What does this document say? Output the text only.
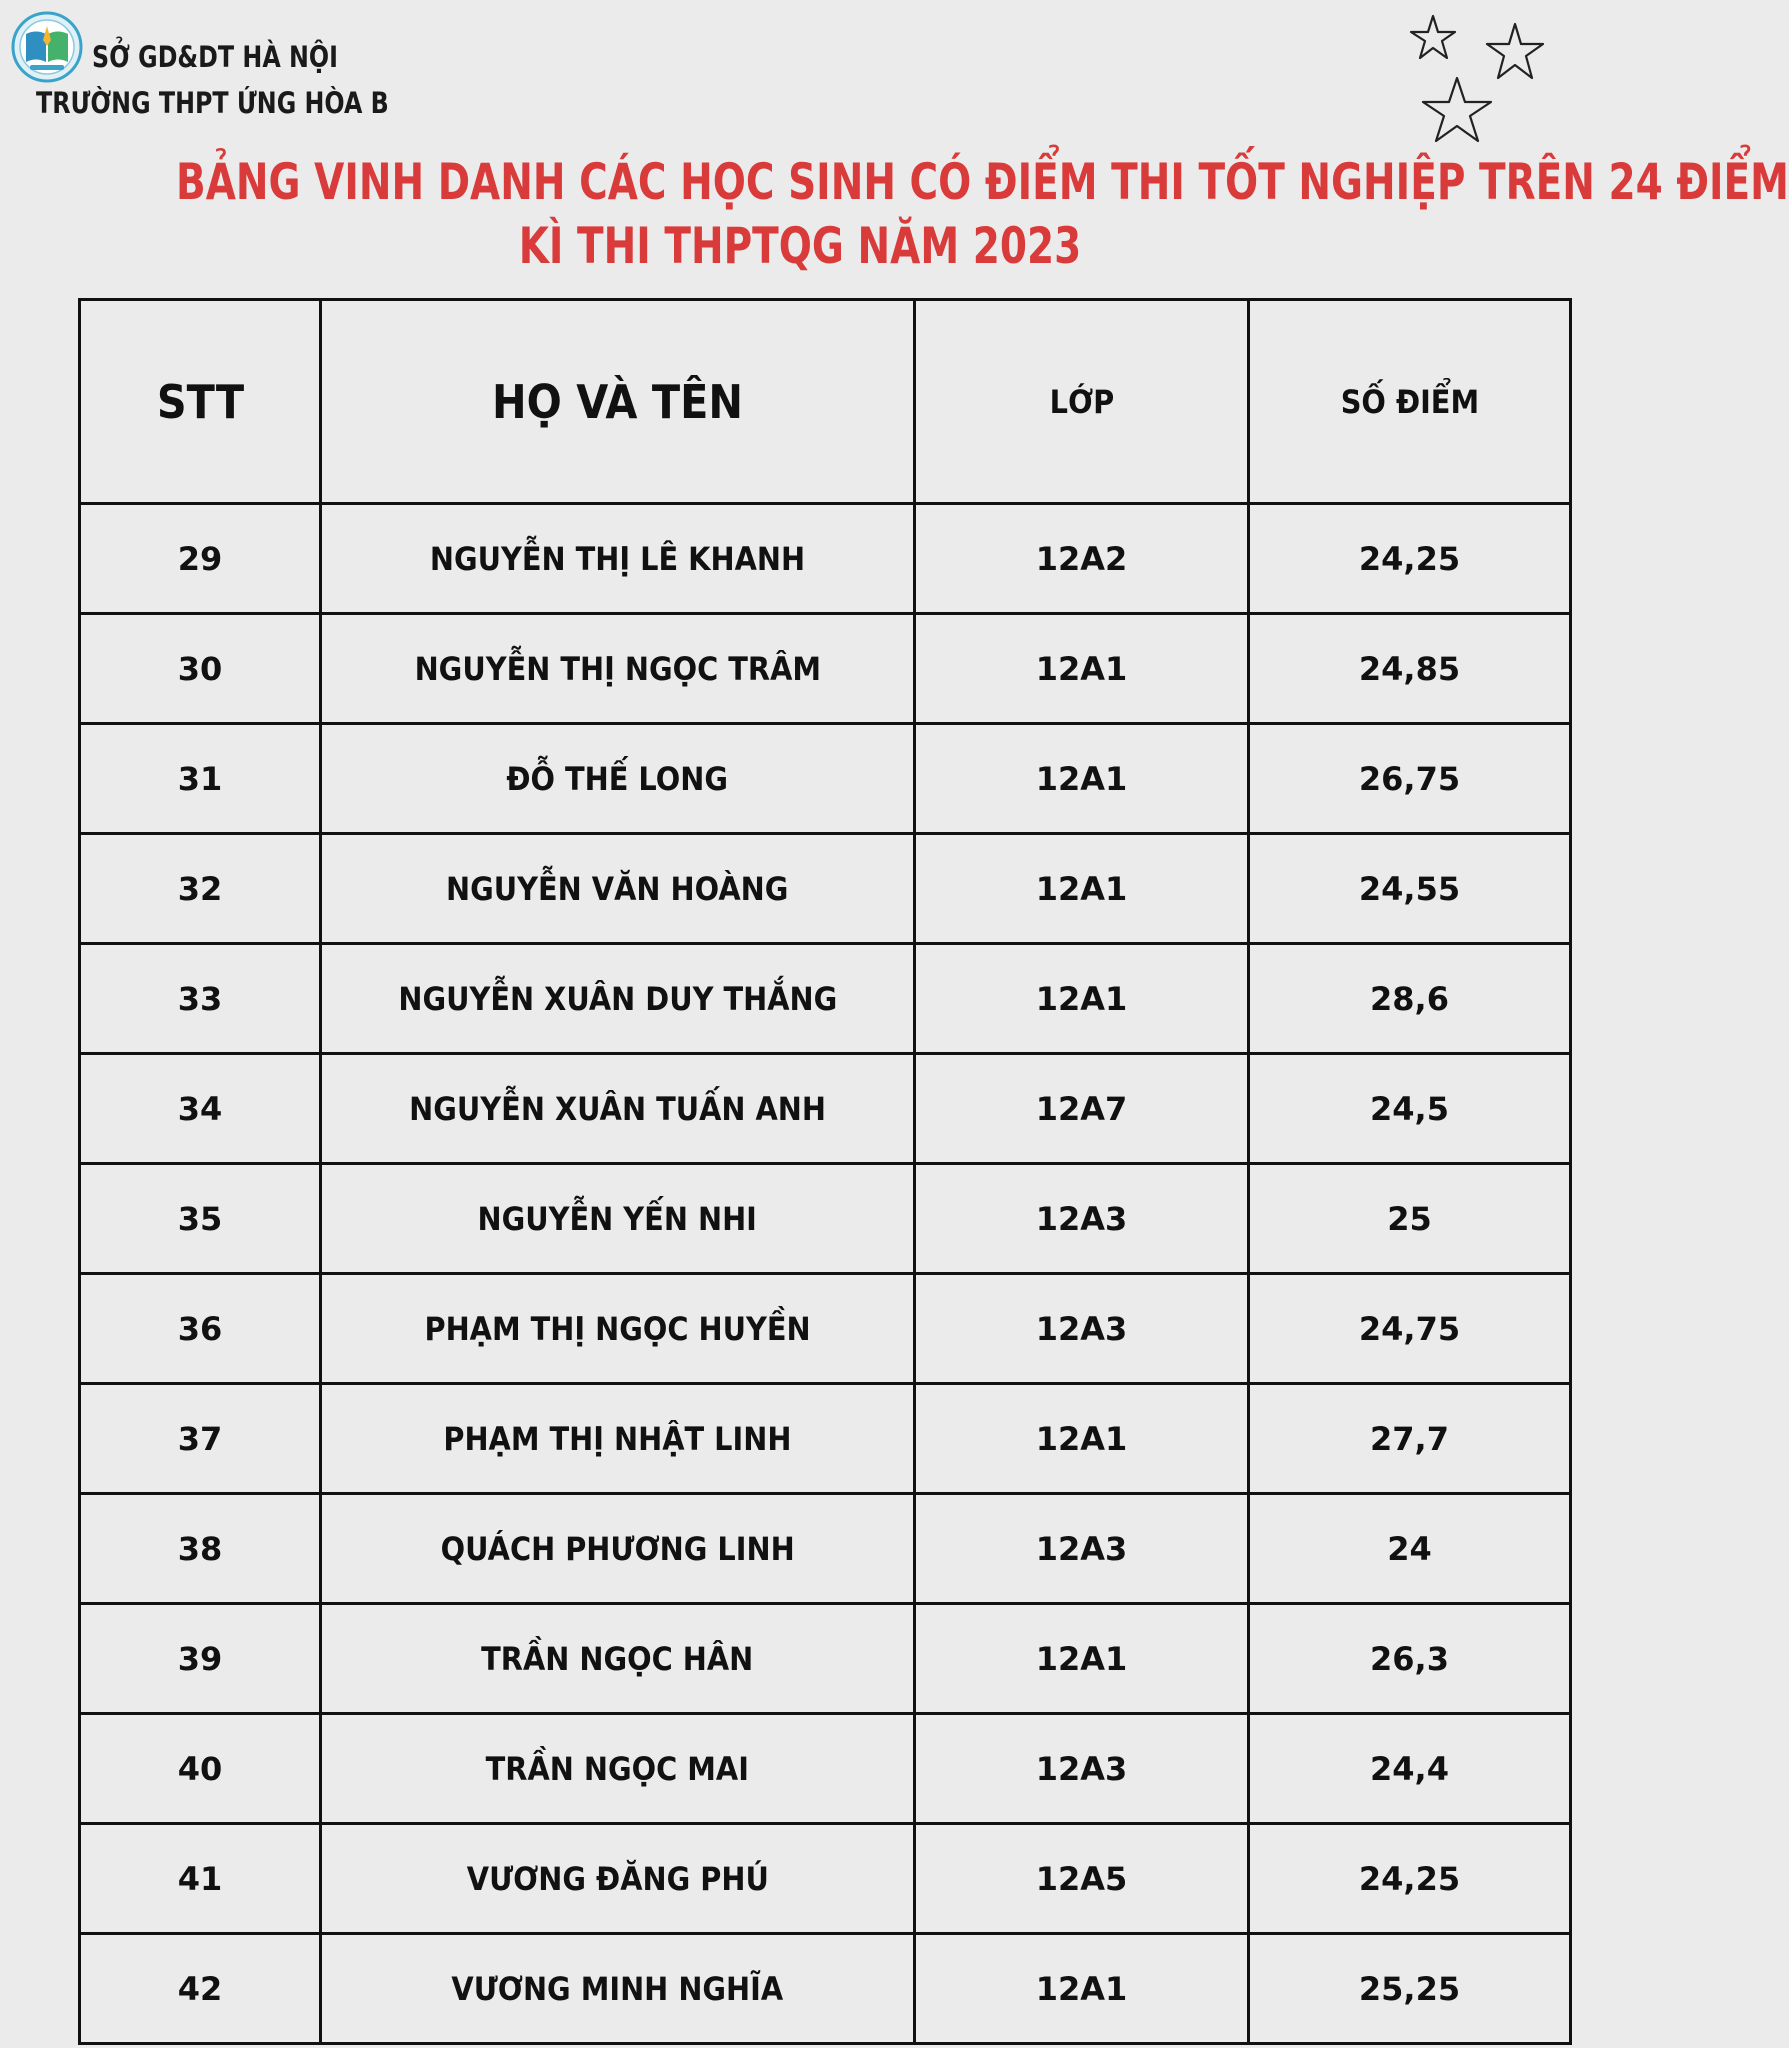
SỞ GD&DT HÀ NỘI
TRƯỜNG THPT ỨNG HÒA B
BẢNG VINH DANH CÁC HỌC SINH CÓ ĐIỂM THI TỐT NGHIỆP TRÊN 24 ĐIỂM
KÌ THI THPTQG NĂM 2023
STT	HỌ VÀ TÊN	LỚP	SỐ ĐIỂM
29	NGUYỄN THỊ LÊ KHANH	12A2	24,25
30	NGUYỄN THỊ NGỌC TRÂM	12A1	24,85
31	ĐỖ THẾ LONG	12A1	26,75
32	NGUYỄN VĂN HOÀNG	12A1	24,55
33	NGUYỄN XUÂN DUY THẮNG	12A1	28,6
34	NGUYỄN XUÂN TUẤN ANH	12A7	24,5
35	NGUYỄN YẾN NHI	12A3	25
36	PHẠM THỊ NGỌC HUYỀN	12A3	24,75
37	PHẠM THỊ NHẬT LINH	12A1	27,7
38	QUÁCH PHƯƠNG LINH	12A3	24
39	TRẦN NGỌC HÂN	12A1	26,3
40	TRẦN NGỌC MAI	12A3	24,4
41	VƯƠNG ĐĂNG PHÚ	12A5	24,25
42	VƯƠNG MINH NGHĨA	12A1	25,25
